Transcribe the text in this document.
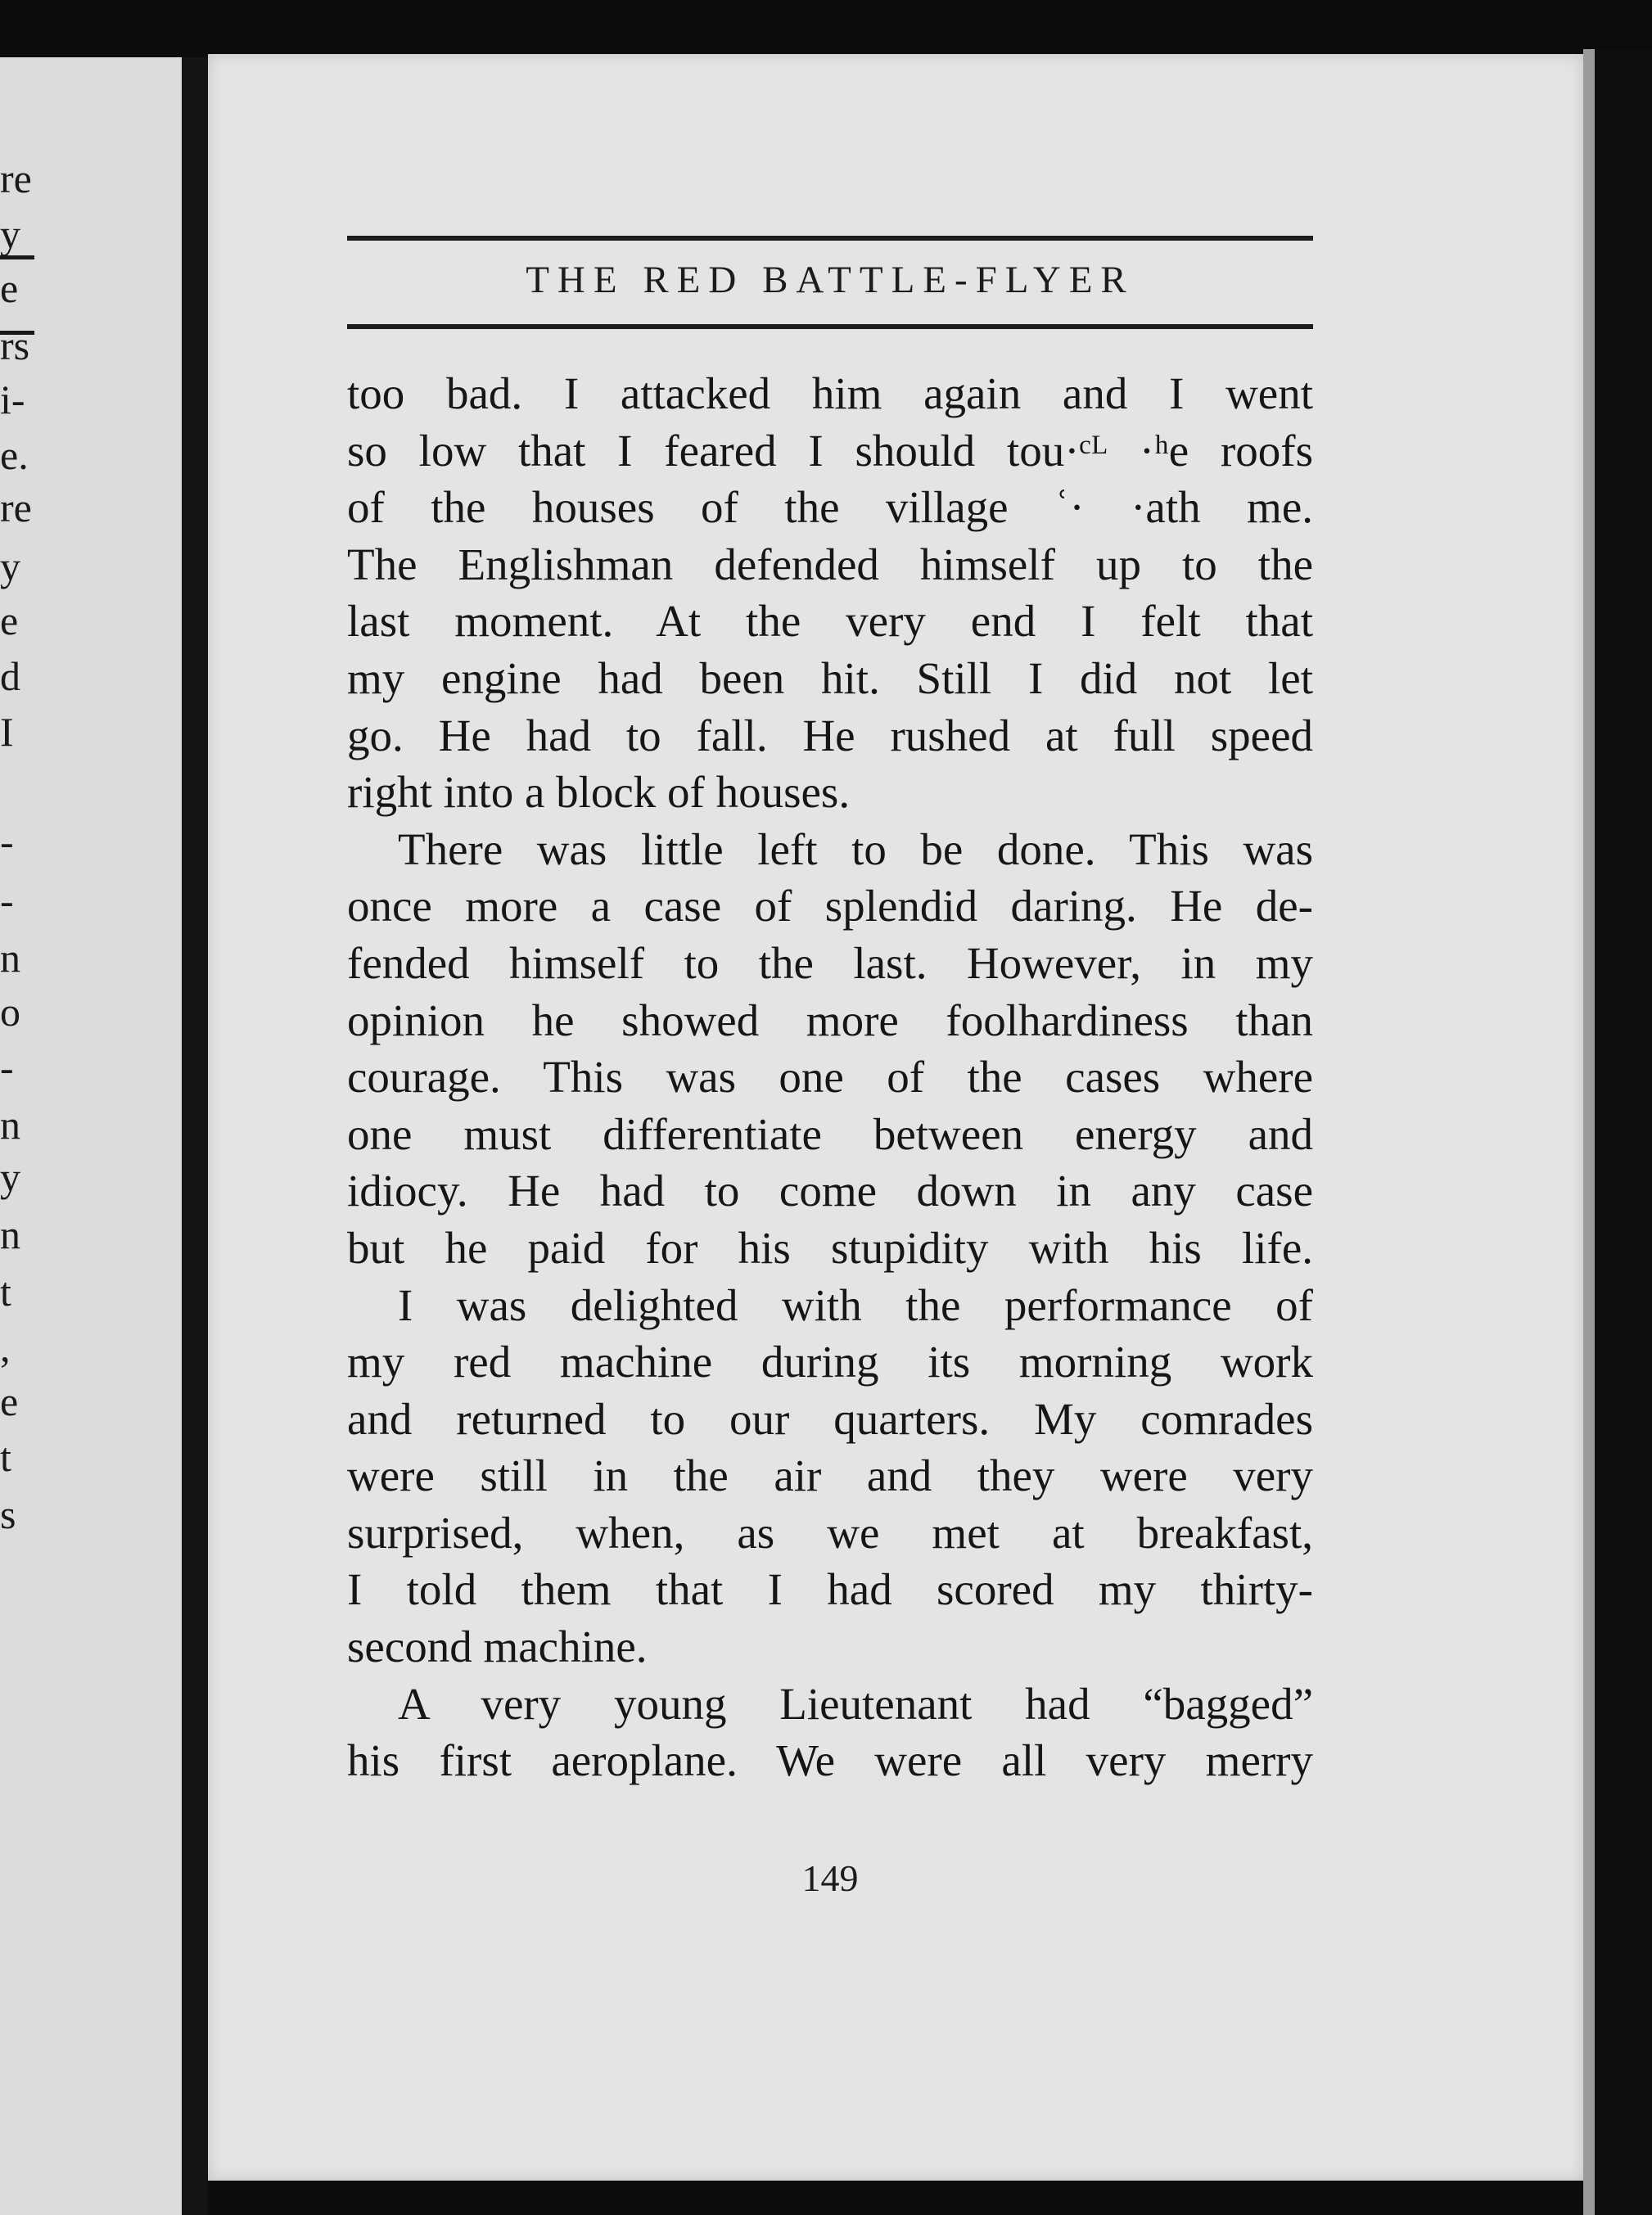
re
y
e
rs
i-
e.
re
y
e
d
I
-
-
n
o
-
n
y
n
t
,
e
t
s
THE RED BATTLE-FLYER
too bad. I attacked him again and I went
so low that I feared I should tou·ᶜᴸ ·ʰe roofs
of the houses of the village ʿ· ·ath me.
The Englishman defended himself up to the
last moment. At the very end I felt that
my engine had been hit. Still I did not let
go. He had to fall. He rushed at full speed
right into a block of houses.
There was little left to be done. This was
once more a case of splendid daring. He de-
fended himself to the last. However, in my
opinion he showed more foolhardiness than
courage. This was one of the cases where
one must differentiate between energy and
idiocy. He had to come down in any case
but he paid for his stupidity with his life.
I was delighted with the performance of
my red machine during its morning work
and returned to our quarters. My comrades
were still in the air and they were very
surprised, when, as we met at breakfast,
I told them that I had scored my thirty-
second machine.
A very young Lieutenant had “bagged”
his first aeroplane. We were all very merry
149
